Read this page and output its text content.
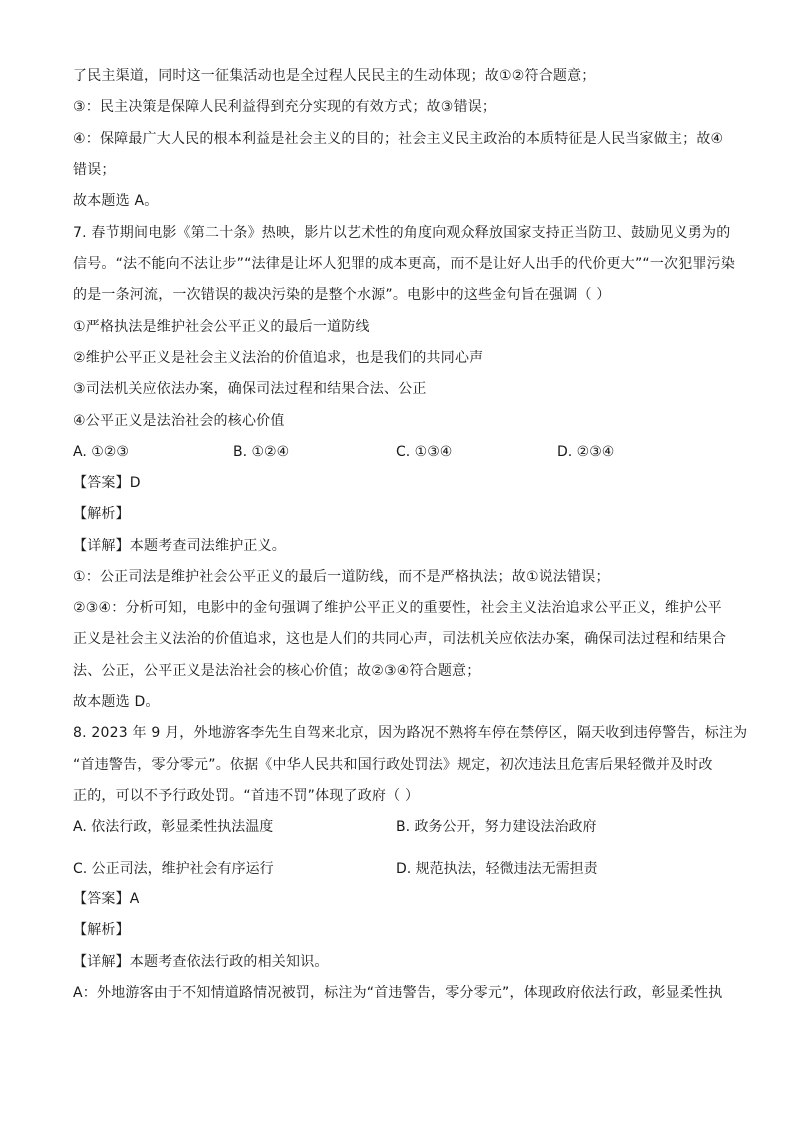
了民主渠道，同时这一征集活动也是全过程人民民主的生动体现；故①②符合题意；
③：民主决策是保障人民利益得到充分实现的有效方式；故③错误；
④：保障最广大人民的根本利益是社会主义的目的；社会主义民主政治的本质特征是人民当家做主；故④
错误；
故本题选 A。
7. 春节期间电影《第二十条》热映，影片以艺术性的角度向观众释放国家支持正当防卫、鼓励见义勇为的
信号。“法不能向不法让步”“法律是让坏人犯罪的成本更高，而不是让好人出手的代价更大”“一次犯罪污染
的是一条河流，一次错误的裁决污染的是整个水源”。电影中的这些金句旨在强调（ ）
①严格执法是维护社会公平正义的最后一道防线
②维护公平正义是社会主义法治的价值追求，也是我们的共同心声
③司法机关应依法办案，确保司法过程和结果合法、公正
④公平正义是法治社会的核心价值
A. ①②③	B. ①②④	C. ①③④	D. ②③④
【答案】D
【解析】
【详解】本题考查司法维护正义。
①：公正司法是维护社会公平正义的最后一道防线，而不是严格执法；故①说法错误；
②③④：分析可知，电影中的金句强调了维护公平正义的重要性，社会主义法治追求公平正义，维护公平
正义是社会主义法治的价值追求，这也是人们的共同心声，司法机关应依法办案，确保司法过程和结果合
法、公正，公平正义是法治社会的核心价值；故②③④符合题意；
故本题选 D。
8. 2023 年 9 月，外地游客李先生自驾来北京，因为路况不熟将车停在禁停区，隔天收到违停警告，标注为
“首违警告，零分零元”。依据《中华人民共和国行政处罚法》规定，初次违法且危害后果轻微并及时改
正的，可以不予行政处罚。“首违不罚”体现了政府（ ）
A. 依法行政，彰显柔性执法温度	B. 政务公开，努力建设法治政府
C. 公正司法，维护社会有序运行	D. 规范执法，轻微违法无需担责
【答案】A
【解析】
【详解】本题考查依法行政的相关知识。
A：外地游客由于不知情道路情况被罚，标注为“首违警告，零分零元”，体现政府依法行政，彰显柔性执
